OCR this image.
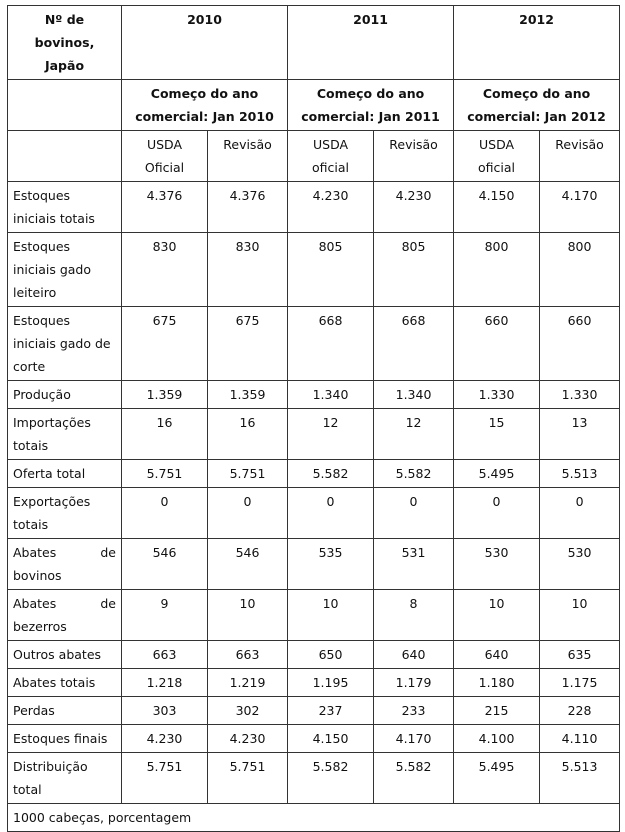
Nº de bovinos, Japão	2010		2011		2012	
	Começo do ano comercial: Jan 2010		Começo do ano comercial: Jan 2011		Começo do ano comercial: Jan 2012	
	USDA Oficial	Revisão	USDA oficial	Revisão	USDA oficial	Revisão
Estoques iniciais totais	4.376	4.376	4.230	4.230	4.150	4.170
Estoques iniciais gado leiteiro	830	830	805	805	800	800
Estoques iniciais gado de corte	675	675	668	668	660	660
Produção	1.359	1.359	1.340	1.340	1.330	1.330
Importações totais	16	16	12	12	15	13
Oferta total	5.751	5.751	5.582	5.582	5.495	5.513
Exportações totais	0	0	0	0	0	0
Abates de bovinos	546	546	535	531	530	530
Abates de bezerros	9	10	10	8	10	10
Outros abates	663	663	650	640	640	635
Abates totais	1.218	1.219	1.195	1.179	1.180	1.175
Perdas	303	302	237	233	215	228
Estoques finais	4.230	4.230	4.150	4.170	4.100	4.110
Distribuição total	5.751	5.751	5.582	5.582	5.495	5.513
1000 cabeças, porcentagem						
